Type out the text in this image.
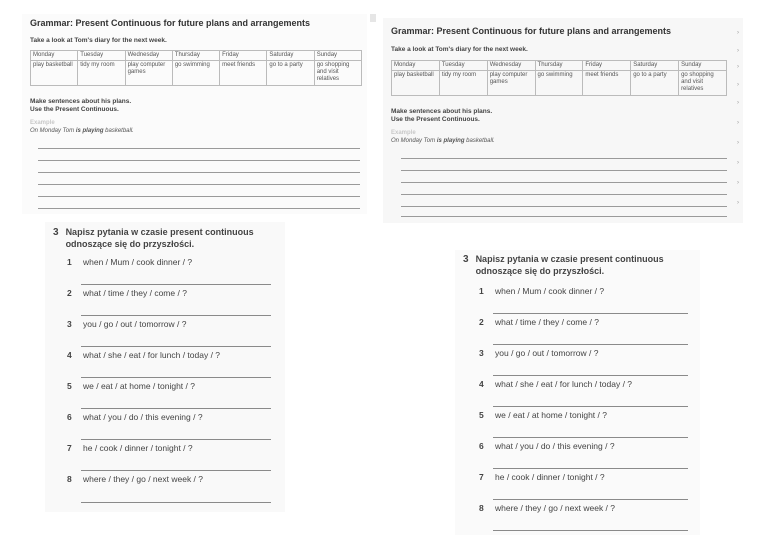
Grammar: Present Continuous for future plans and arrangements
Take a look at Tom's diary for the next week.
Monday	Tuesday	Wednesday	Thursday	Friday	Saturday	Sunday
play basketball	tidy my room	play computer games	go swimming	meet friends	go to a party	go shopping and visit relatives
Make sentences about his plans.
Use the Present Continuous.
Example
On Monday Tom is playing basketball.
Grammar: Present Continuous for future plans and arrangements
Take a look at Tom's diary for the next week.
Monday	Tuesday	Wednesday	Thursday	Friday	Saturday	Sunday
play basketball	tidy my room	play computer games	go swimming	meet friends	go to a party	go shopping and visit relatives
Make sentences about his plans.
Use the Present Continuous.
Example
On Monday Tom is playing basketball.
›
›
›
›
›
›
›
›
›
›
3 Napisz pytania w czasie present continuous
odnoszące się do przyszłości.
1 when / Mum / cook dinner / ?
2 what / time / they / come / ?
3 you / go / out / tomorrow / ?
4 what / she / eat / for lunch / today / ?
5 we / eat / at home / tonight / ?
6 what / you / do / this evening / ?
7 he / cook / dinner / tonight / ?
8 where / they / go / next week / ?
3 Napisz pytania w czasie present continuous
odnoszące się do przyszłości.
1 when / Mum / cook dinner / ?
2 what / time / they / come / ?
3 you / go / out / tomorrow / ?
4 what / she / eat / for lunch / today / ?
5 we / eat / at home / tonight / ?
6 what / you / do / this evening / ?
7 he / cook / dinner / tonight / ?
8 where / they / go / next week / ?
